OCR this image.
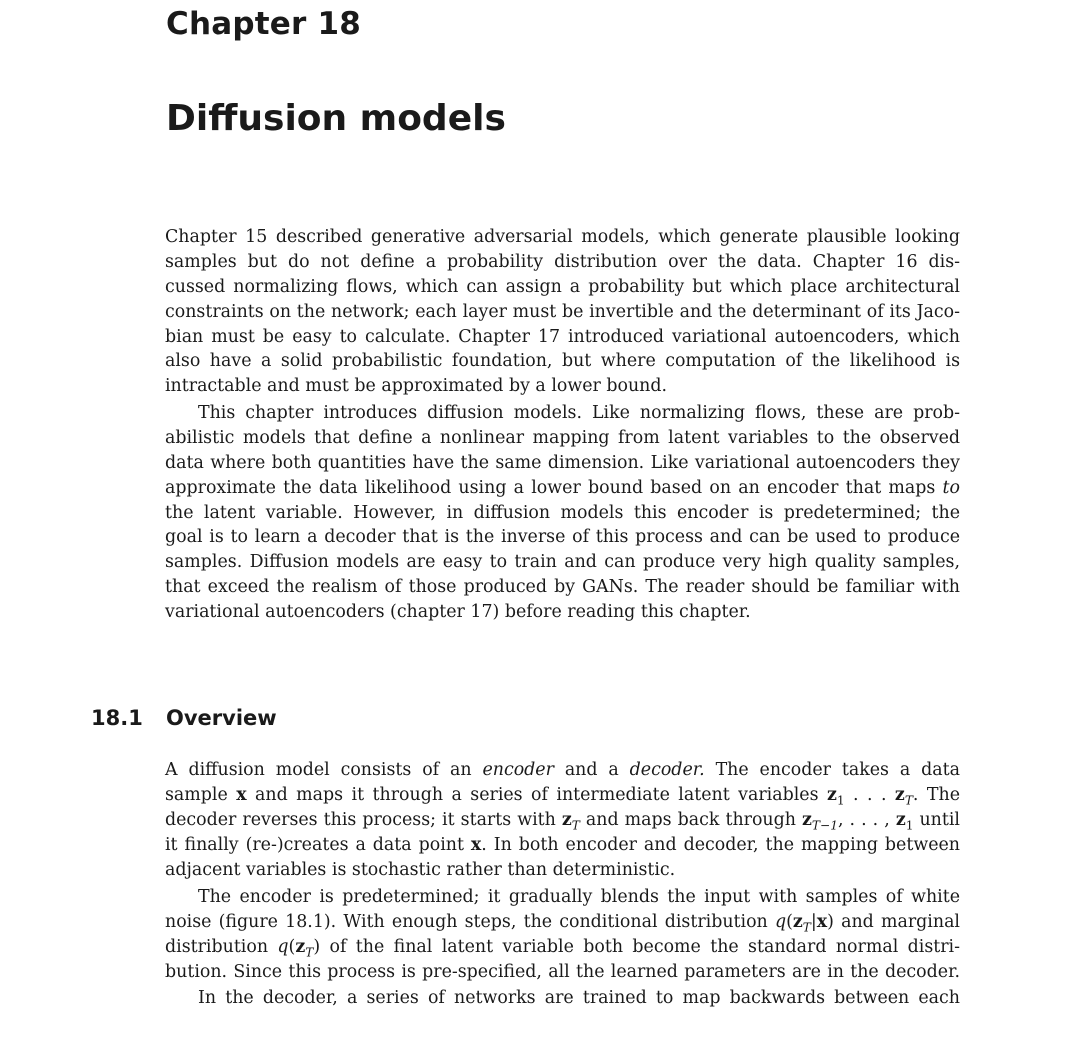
Chapter 18
Diffusion models
Chapter 15 described generative adversarial models, which generate plausible looking
samples but do not define a probability distribution over the data. Chapter 16 dis-
cussed normalizing flows, which can assign a probability but which place architectural
constraints on the network; each layer must be invertible and the determinant of its Jaco-
bian must be easy to calculate. Chapter 17 introduced variational autoencoders, which
also have a solid probabilistic foundation, but where computation of the likelihood is
intractable and must be approximated by a lower bound.
This chapter introduces diffusion models. Like normalizing flows, these are prob-
abilistic models that define a nonlinear mapping from latent variables to the observed
data where both quantities have the same dimension. Like variational autoencoders they
approximate the data likelihood using a lower bound based on an encoder that maps to
the latent variable. However, in diffusion models this encoder is predetermined; the
goal is to learn a decoder that is the inverse of this process and can be used to produce
samples. Diffusion models are easy to train and can produce very high quality samples,
that exceed the realism of those produced by GANs. The reader should be familiar with
variational autoencoders (chapter 17) before reading this chapter.
18.1 Overview
A diffusion model consists of an encoder and a decoder. The encoder takes a data
sample x and maps it through a series of intermediate latent variables $z_1$ . . . $z_T$. The
decoder reverses this process; it starts with $z_T$ and maps back through $z_{T-1}$, . . . , $z_1$ until
it finally (re-)creates a data point x. In both encoder and decoder, the mapping between
adjacent variables is stochastic rather than deterministic.
The encoder is predetermined; it gradually blends the input with samples of white
noise (figure 18.1). With enough steps, the conditional distribution $q(z_T|x)$ and marginal
distribution $q(z_T)$ of the final latent variable both become the standard normal distri-
bution. Since this process is pre-specified, all the learned parameters are in the decoder.
In the decoder, a series of networks are trained to map backwards between each
